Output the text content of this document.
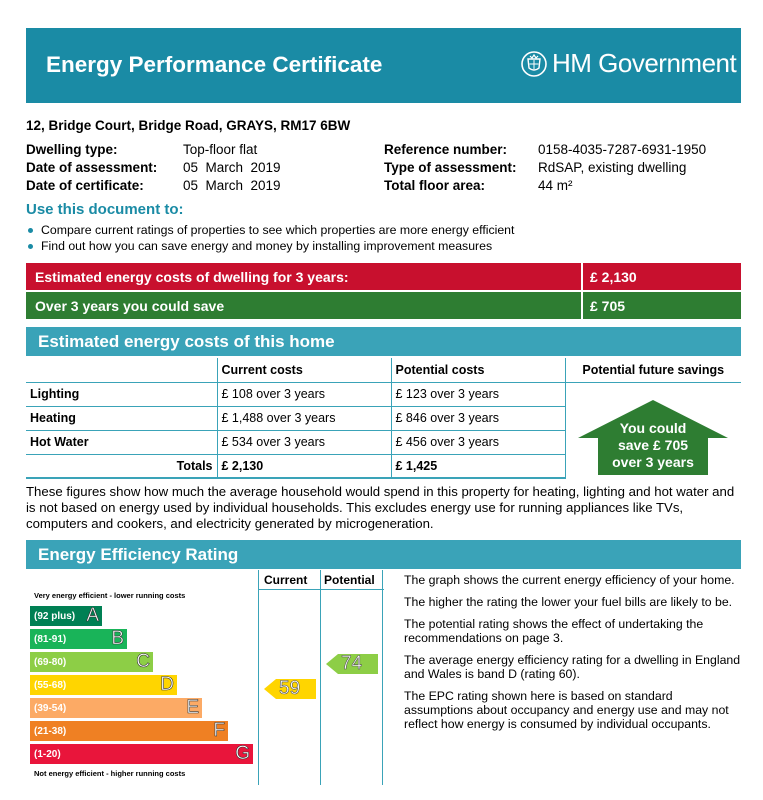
Energy Performance Certificate	HM Government
12, Bridge Court, Bridge Road, GRAYS, RM17 6BW
Dwelling type:	Top-floor flat
Date of assessment: 05  March  2019
Date of certificate:	05  March  2019
Reference number: 0158-4035-7287-6931-1950
Type of assessment: RdSAP, existing dwelling
Total floor area:	44 m²
Use this document to:
Compare current ratings of properties to see which properties are more energy efficient
Find out how you can save energy and money by installing improvement measures
Estimated energy costs of dwelling for 3 years:	£ 2,130
Over 3 years you could save	£ 705
Estimated energy costs of this home
	Current costs	Potential costs	Potential future savings
Lighting	£ 108 over 3 years	£ 123 over 3 years	
Heating	£ 1,488 over 3 years	£ 846 over 3 years	
Hot Water	£ 534 over 3 years	£ 456 over 3 years	
Totals	£ 2,130	£ 1,425	
You could
save £ 705
over 3 years
These figures show how much the average household would spend in this property for heating, lighting and hot water and is not based on energy used by individual households. This excludes energy use for running appliances like TVs, computers and cookers, and electricity generated by microgeneration.
Energy Efficiency Rating
Current Potential
Very energy efficient - lower running costs
(92 plus) A
(81-91) B
(69-80)	C
(55-68)	D
(39-54)	E
(21-38)	F
(1-20)	G
Not energy efficient - higher running costs
59
74

The graph shows the current energy efficiency of your home.

The higher the rating the lower your fuel bills are likely to be.

The potential rating shows the effect of undertaking the recommendations on page 3.

The average energy efficiency rating for a dwelling in England and Wales is band D (rating 60).

The EPC rating shown here is based on standard assumptions about occupancy and energy use and may not reflect how energy is consumed by individual occupants.
